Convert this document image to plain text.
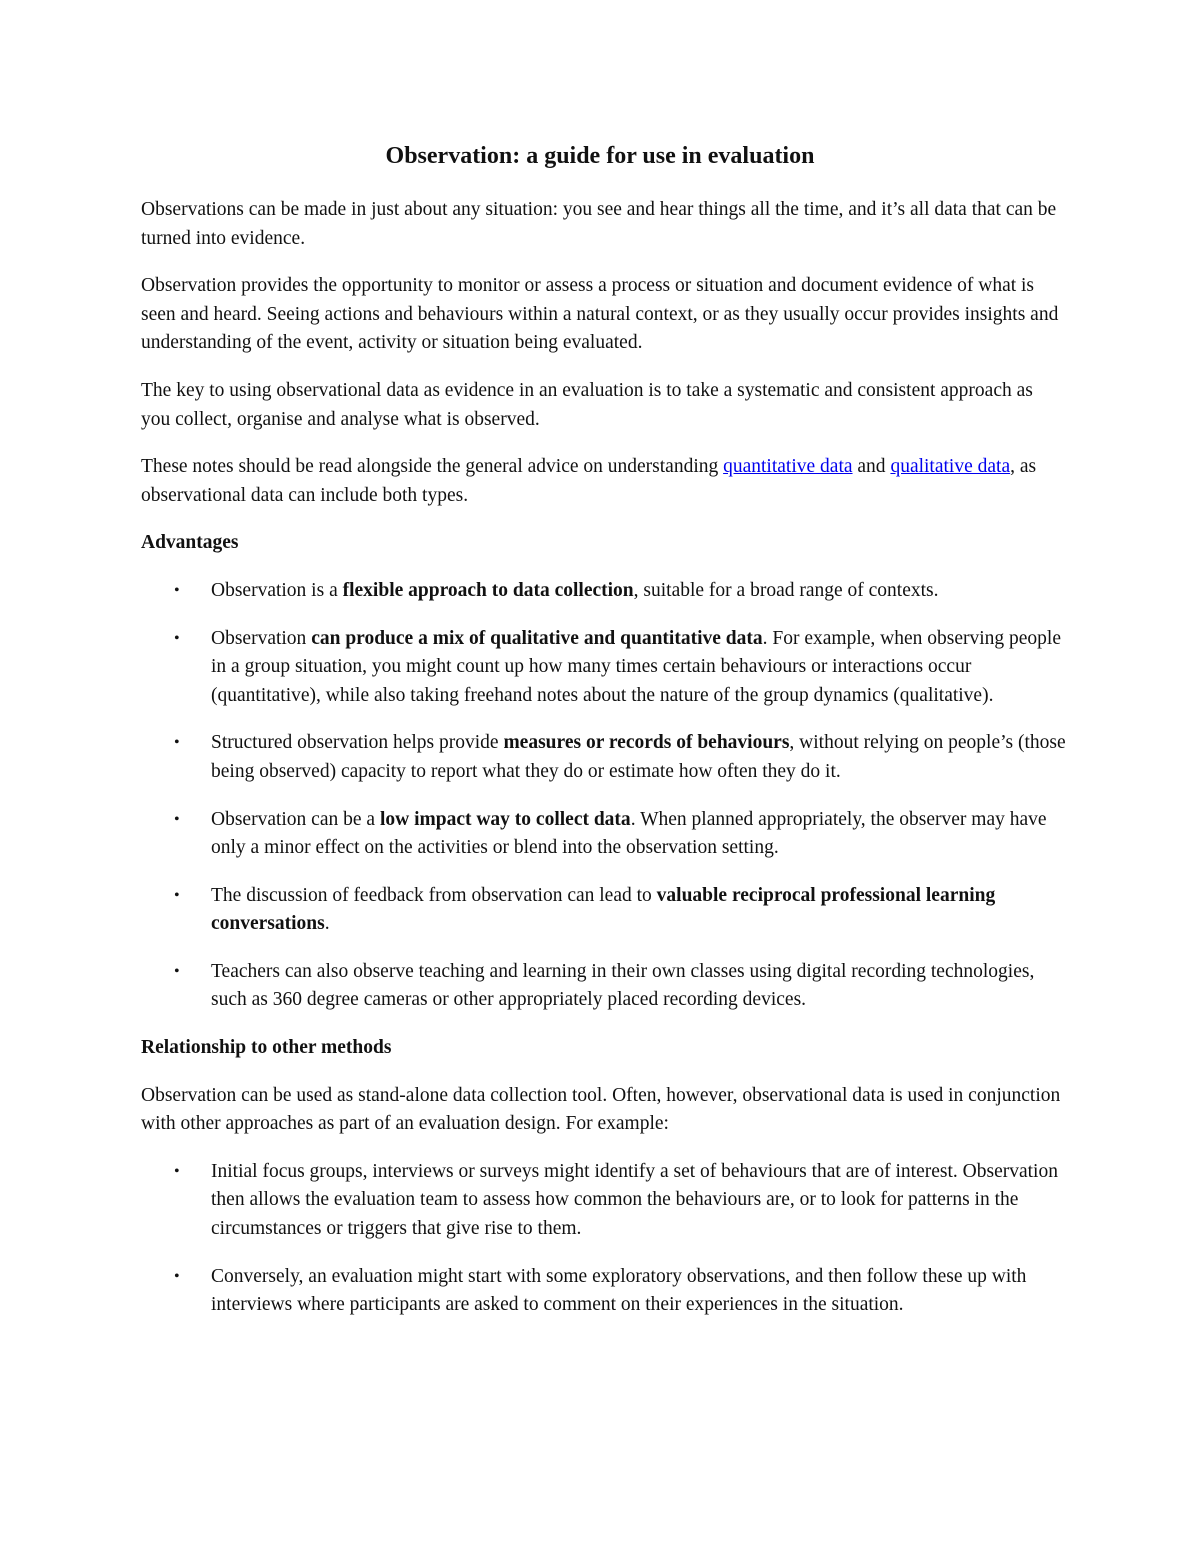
Observation: a guide for use in evaluation

Observations can be made in just about any situation: you see and hear things all the time, and it’s all data that can be turned into evidence.

Observation provides the opportunity to monitor or assess a process or situation and document evidence of what is seen and heard. Seeing actions and behaviours within a natural context, or as they usually occur provides insights and understanding of the event, activity or situation being evaluated.

The key to using observational data as evidence in an evaluation is to take a systematic and consistent approach as you collect, organise and analyse what is observed.

These notes should be read alongside the general advice on understanding quantitative data and qualitative data, as observational data can include both types.

Advantages
• Observation is a flexible approach to data collection, suitable for a broad range of contexts.
• Observation can produce a mix of qualitative and quantitative data. For example, when observing people in a group situation, you might count up how many times certain behaviours or interactions occur (quantitative), while also taking freehand notes about the nature of the group dynamics (qualitative).
• Structured observation helps provide measures or records of behaviours, without relying on people’s (those being observed) capacity to report what they do or estimate how often they do it.
• Observation can be a low impact way to collect data. When planned appropriately, the observer may have only a minor effect on the activities or blend into the observation setting.
• The discussion of feedback from observation can lead to valuable reciprocal professional learning conversations.
• Teachers can also observe teaching and learning in their own classes using digital recording technologies, such as 360 degree cameras or other appropriately placed recording devices.
Relationship to other methods

Observation can be used as stand-alone data collection tool. Often, however, observational data is used in conjunction with other approaches as part of an evaluation design. For example:

• Initial focus groups, interviews or surveys might identify a set of behaviours that are of interest. Observation then allows the evaluation team to assess how common the behaviours are, or to look for patterns in the circumstances or triggers that give rise to them.
• Conversely, an evaluation might start with some exploratory observations, and then follow these up with interviews where participants are asked to comment on their experiences in the situation.
